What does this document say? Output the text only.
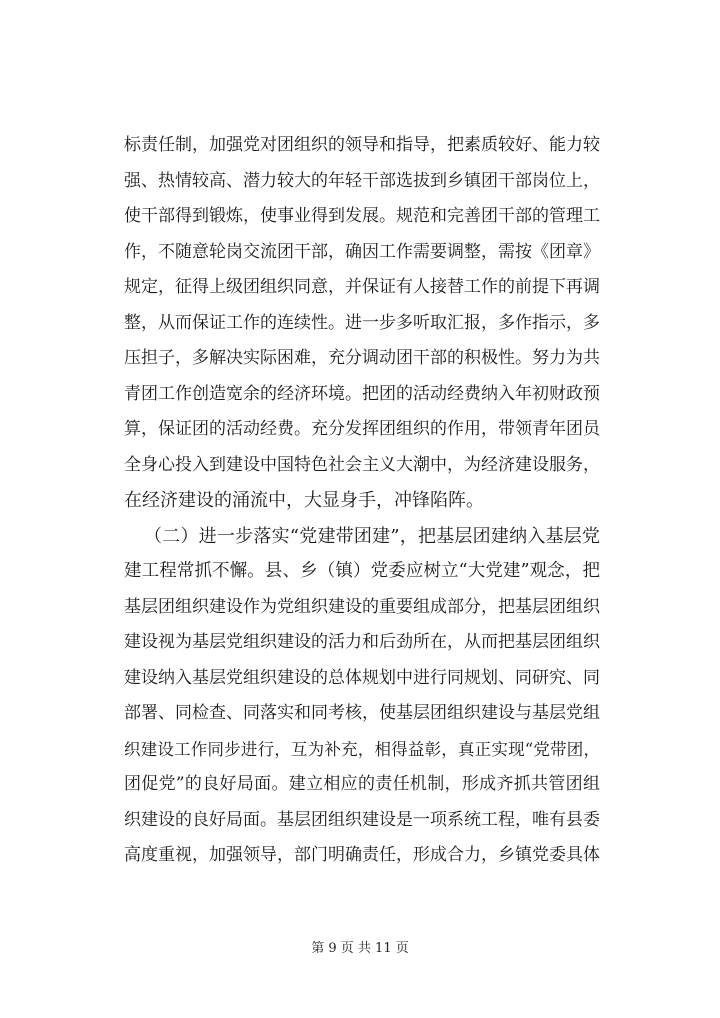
标责任制，加强党对团组织的领导和指导，把素质较好、能力较
强、热情较高、潜力较大的年轻干部选拔到乡镇团干部岗位上，
使干部得到锻炼，使事业得到发展。规范和完善团干部的管理工
作，不随意轮岗交流团干部，确因工作需要调整，需按《团章》
规定，征得上级团组织同意，并保证有人接替工作的前提下再调
整，从而保证工作的连续性。进一步多听取汇报，多作指示，多
压担子，多解决实际困难，充分调动团干部的积极性。努力为共
青团工作创造宽余的经济环境。把团的活动经费纳入年初财政预
算，保证团的活动经费。充分发挥团组织的作用，带领青年团员
全身心投入到建设中国特色社会主义大潮中，为经济建设服务，
在经济建设的涌流中，大显身手，冲锋陷阵。
（二）进一步落实“党建带团建”，把基层团建纳入基层党
建工程常抓不懈。县、乡（镇）党委应树立“大党建”观念，把
基层团组织建设作为党组织建设的重要组成部分，把基层团组织
建设视为基层党组织建设的活力和后劲所在，从而把基层团组织
建设纳入基层党组织建设的总体规划中进行同规划、同研究、同
部署、同检查、同落实和同考核，使基层团组织建设与基层党组
织建设工作同步进行，互为补充，相得益彰，真正实现“党带团，
团促党”的良好局面。建立相应的责任机制，形成齐抓共管团组
织建设的良好局面。基层团组织建设是一项系统工程，唯有县委
高度重视，加强领导，部门明确责任，形成合力，乡镇党委具体
第 9 页 共 11 页
